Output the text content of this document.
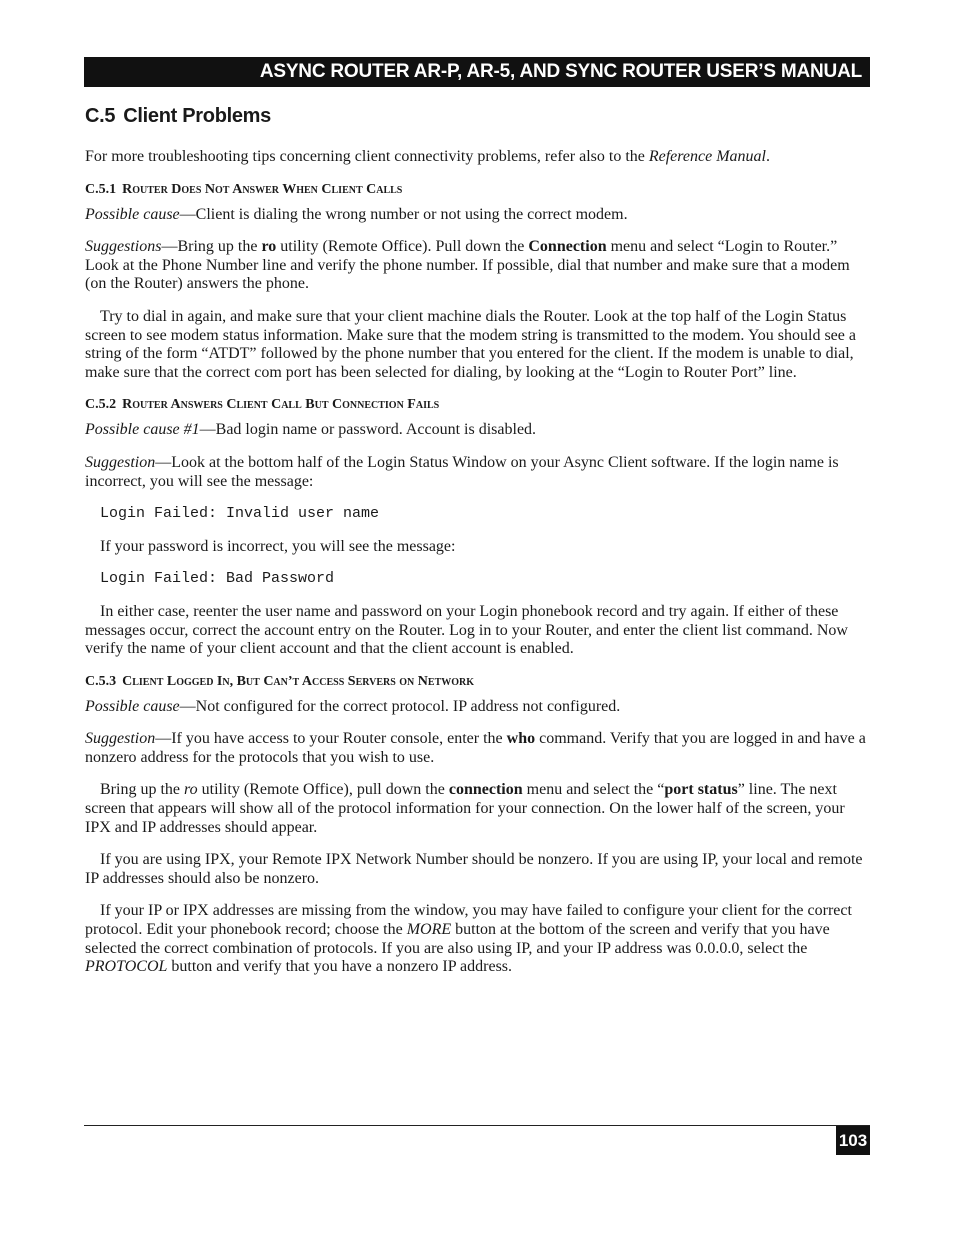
ASYNC ROUTER AR-P, AR-5, AND SYNC ROUTER USER’S MANUAL
C.5 Client Problems

For more troubleshooting tips concerning client connectivity problems, refer also to the Reference Manual.

C.5.1 Router Does Not Answer When Client Calls

Possible cause—Client is dialing the wrong number or not using the correct modem.

Suggestions—Bring up the ro utility (Remote Office). Pull down the Connection menu and select “Login to Router.” Look at the Phone Number line and verify the phone number. If possible, dial that number and make sure that a modem (on the Router) answers the phone.

Try to dial in again, and make sure that your client machine dials the Router. Look at the top half of the Login Status screen to see modem status information. Make sure that the modem string is transmitted to the modem. You should see a string of the form “ATDT” followed by the phone number that you entered for the client. If the modem is unable to dial, make sure that the correct com port has been selected for dialing, by looking at the “Login to Router Port” line.

C.5.2 Router Answers Client Call But Connection Fails

Possible cause #1—Bad login name or password. Account is disabled.

Suggestion—Look at the bottom half of the Login Status Window on your Async Client software. If the login name is incorrect, you will see the message:

Login Failed: Invalid user name

If your password is incorrect, you will see the message:

Login Failed: Bad Password

In either case, reenter the user name and password on your Login phonebook record and try again. If either of these messages occur, correct the account entry on the Router. Log in to your Router, and enter the client list command. Now verify the name of your client account and that the client account is enabled.

C.5.3 Client Logged In, But Can’t Access Servers on Network

Possible cause—Not configured for the correct protocol. IP address not configured.

Suggestion—If you have access to your Router console, enter the who command. Verify that you are logged in and have a nonzero address for the protocols that you wish to use.

Bring up the ro utility (Remote Office), pull down the connection menu and select the “port status” line. The next screen that appears will show all of the protocol information for your connection. On the lower half of the screen, your IPX and IP addresses should appear.

If you are using IPX, your Remote IPX Network Number should be nonzero. If you are using IP, your local and remote IP addresses should also be nonzero.

If your IP or IPX addresses are missing from the window, you may have failed to configure your client for the correct protocol. Edit your phonebook record; choose the MORE button at the bottom of the screen and verify that you have selected the correct combination of protocols. If you are also using IP, and your IP address was 0.0.0.0, select the PROTOCOL button and verify that you have a nonzero IP address.

103
